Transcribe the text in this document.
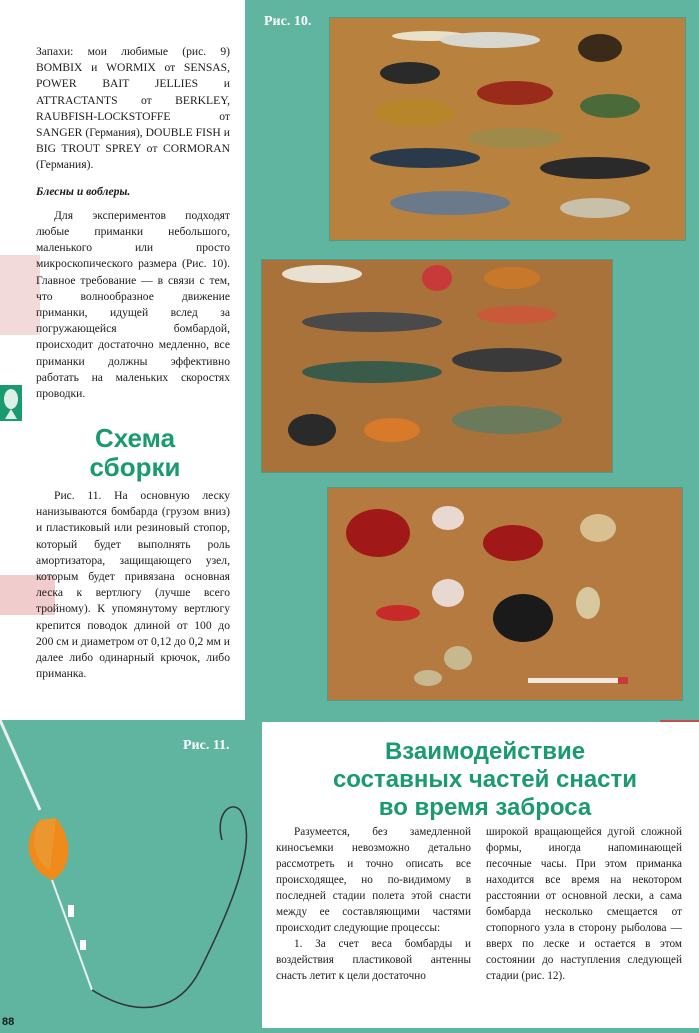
Запахи: мои любимые (рис. 9) BOMBIX и WORMIX от SENSAS, POWER BAIT JELLIES и ATTRACTANTS от BERKLEY, RAUBFISH-LOCKSTOFFE от SANGER (Германия), DOUBLE FISH и BIG TROUT SPREY от CORMORAN (Германия).

Блесны и воблеры.

Для экспериментов подходят любые приманки небольшого, маленького или просто микроскопического размера (Рис. 10). Главное требование — в связи с тем, что волнообразное движение приманки, идущей вслед за погружающейся бомбардой, происходит достаточно медленно, все приманки должны эффективно работать на маленьких скоростях проводки.

Схема
сборки
Рис. 11. На основную леску нанизываются бомбарда (грузом вниз) и пластиковый или резиновый стопор, который будет выполнять роль амортизатора, защищающего узел, которым будет привязана основная леска к вертлюгу (лучше всего тройному). К упомянутому вертлюгу крепится поводок длиной от 100 до 200 см и диаметром от 0,12 до 0,2 мм и далее либо одинарный крючок, либо приманка.
Рис. 10.
Рис. 11.	Взаимодействие
составных частей снасти
во время заброса

Разумеется, без замедленной киносъемки невозможно детально рассмотреть и точно описать все происходящее, но по-видимому в последней стадии полета этой снасти между ее составляющими частями происходит следующие процессы:

1. За счет веса бомбарды и воздействия пластиковой антенны снасть летит к цели достаточно

широкой вращающейся дугой сложной формы, иногда напоминающей песочные часы. При этом приманка находится все время на некотором расстоянии от основной лески, а сама бомбарда несколько смещается от стопорного узла в сторону рыболова — вверх по леске и остается в этом состоянии до наступления следующей стадии (рис. 12).
88
